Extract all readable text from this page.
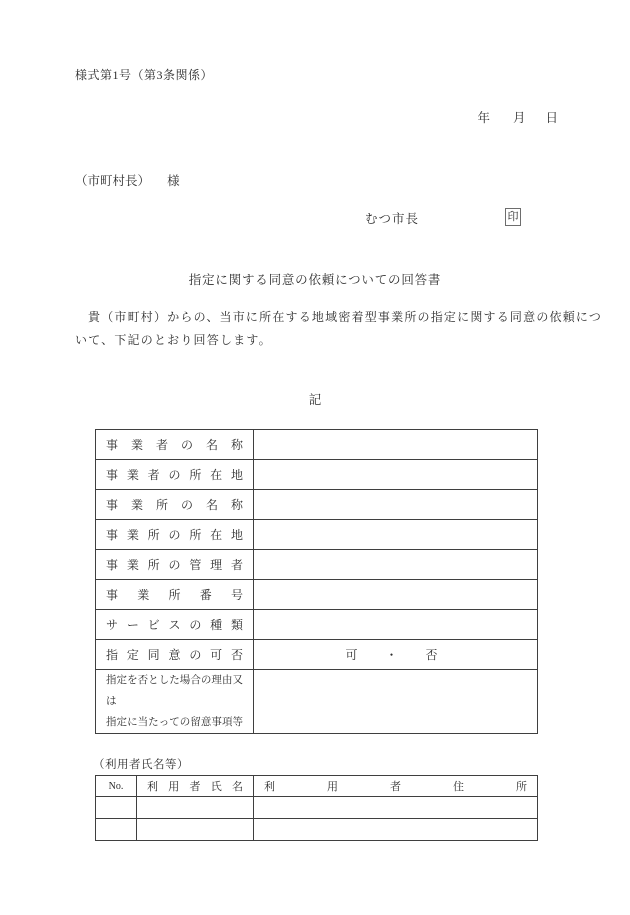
様式第1号（第3条関係）
年 月 日
（市町村長） 様
むつ市長	印
指定に関する同意の依頼についての回答書
貴（市町村）からの、当市に所在する地域密着型事業所の指定に関する同意の依頼につ
いて、下記のとおり回答します。
記
事業者の名称	

事業者の所在地	

事業所の名称	

事業所の所在地	

事業所の管理者	

事業所番号	

サービスの種類	

指定同意の可否	可　・　否

指定を否とした場合の理由又は
指定に当たっての留意事項等	

（利用者氏名等）
No.	利用者氏名	利用者住所
